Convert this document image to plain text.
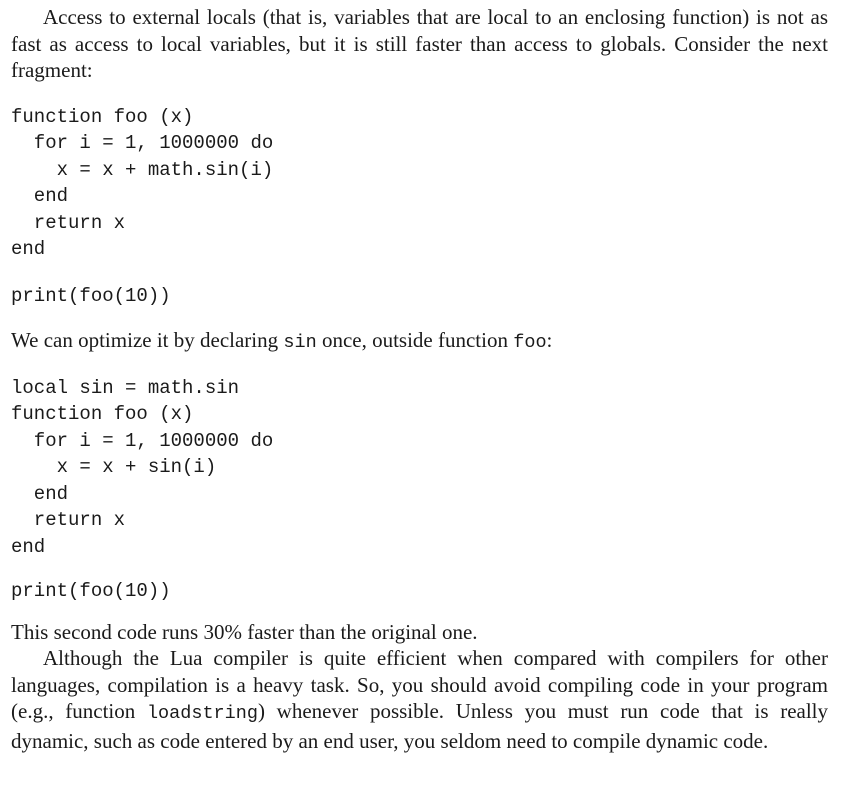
Access to external locals (that is, variables that are local to an enclosing function) is not as fast as access to local variables, but it is still faster than access to globals. Consider the next fragment:

function foo (x)
for i = 1, 1000000 do
x = x + math.sin(i)
end
return x
end
print(foo(10))

We can optimize it by declaring sin once, outside function foo:

local sin = math.sin
function foo (x)
for i = 1, 1000000 do
x = x + sin(i)
end
return x
end
print(foo(10))

This second code runs 30% faster than the original one.

Although the Lua compiler is quite efficient when compared with compilers for other languages, compilation is a heavy task. So, you should avoid compiling code in your program (e.g., function loadstring) whenever possible. Unless you must run code that is really dynamic, such as code entered by an end user, you seldom need to compile dynamic code.
